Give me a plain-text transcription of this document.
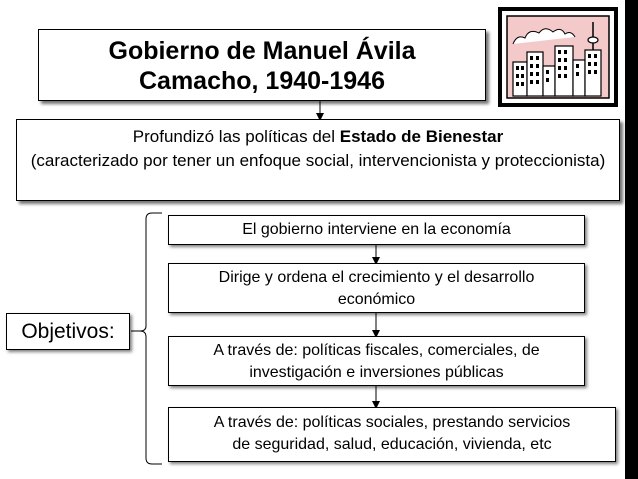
Gobierno de Manuel Ávila
Camacho, 1940-1946
Profundizó las políticas del Estado de Bienestar
(caracterizado por tener un enfoque social, intervencionista y proteccionista)
Objetivos:
El gobierno interviene en la economía
Dirige y ordena el crecimiento y el desarrollo
económico
A través de: políticas fiscales, comerciales, de
investigación e inversiones públicas
A través de: políticas sociales, prestando servicios
de seguridad, salud, educación, vivienda, etc
